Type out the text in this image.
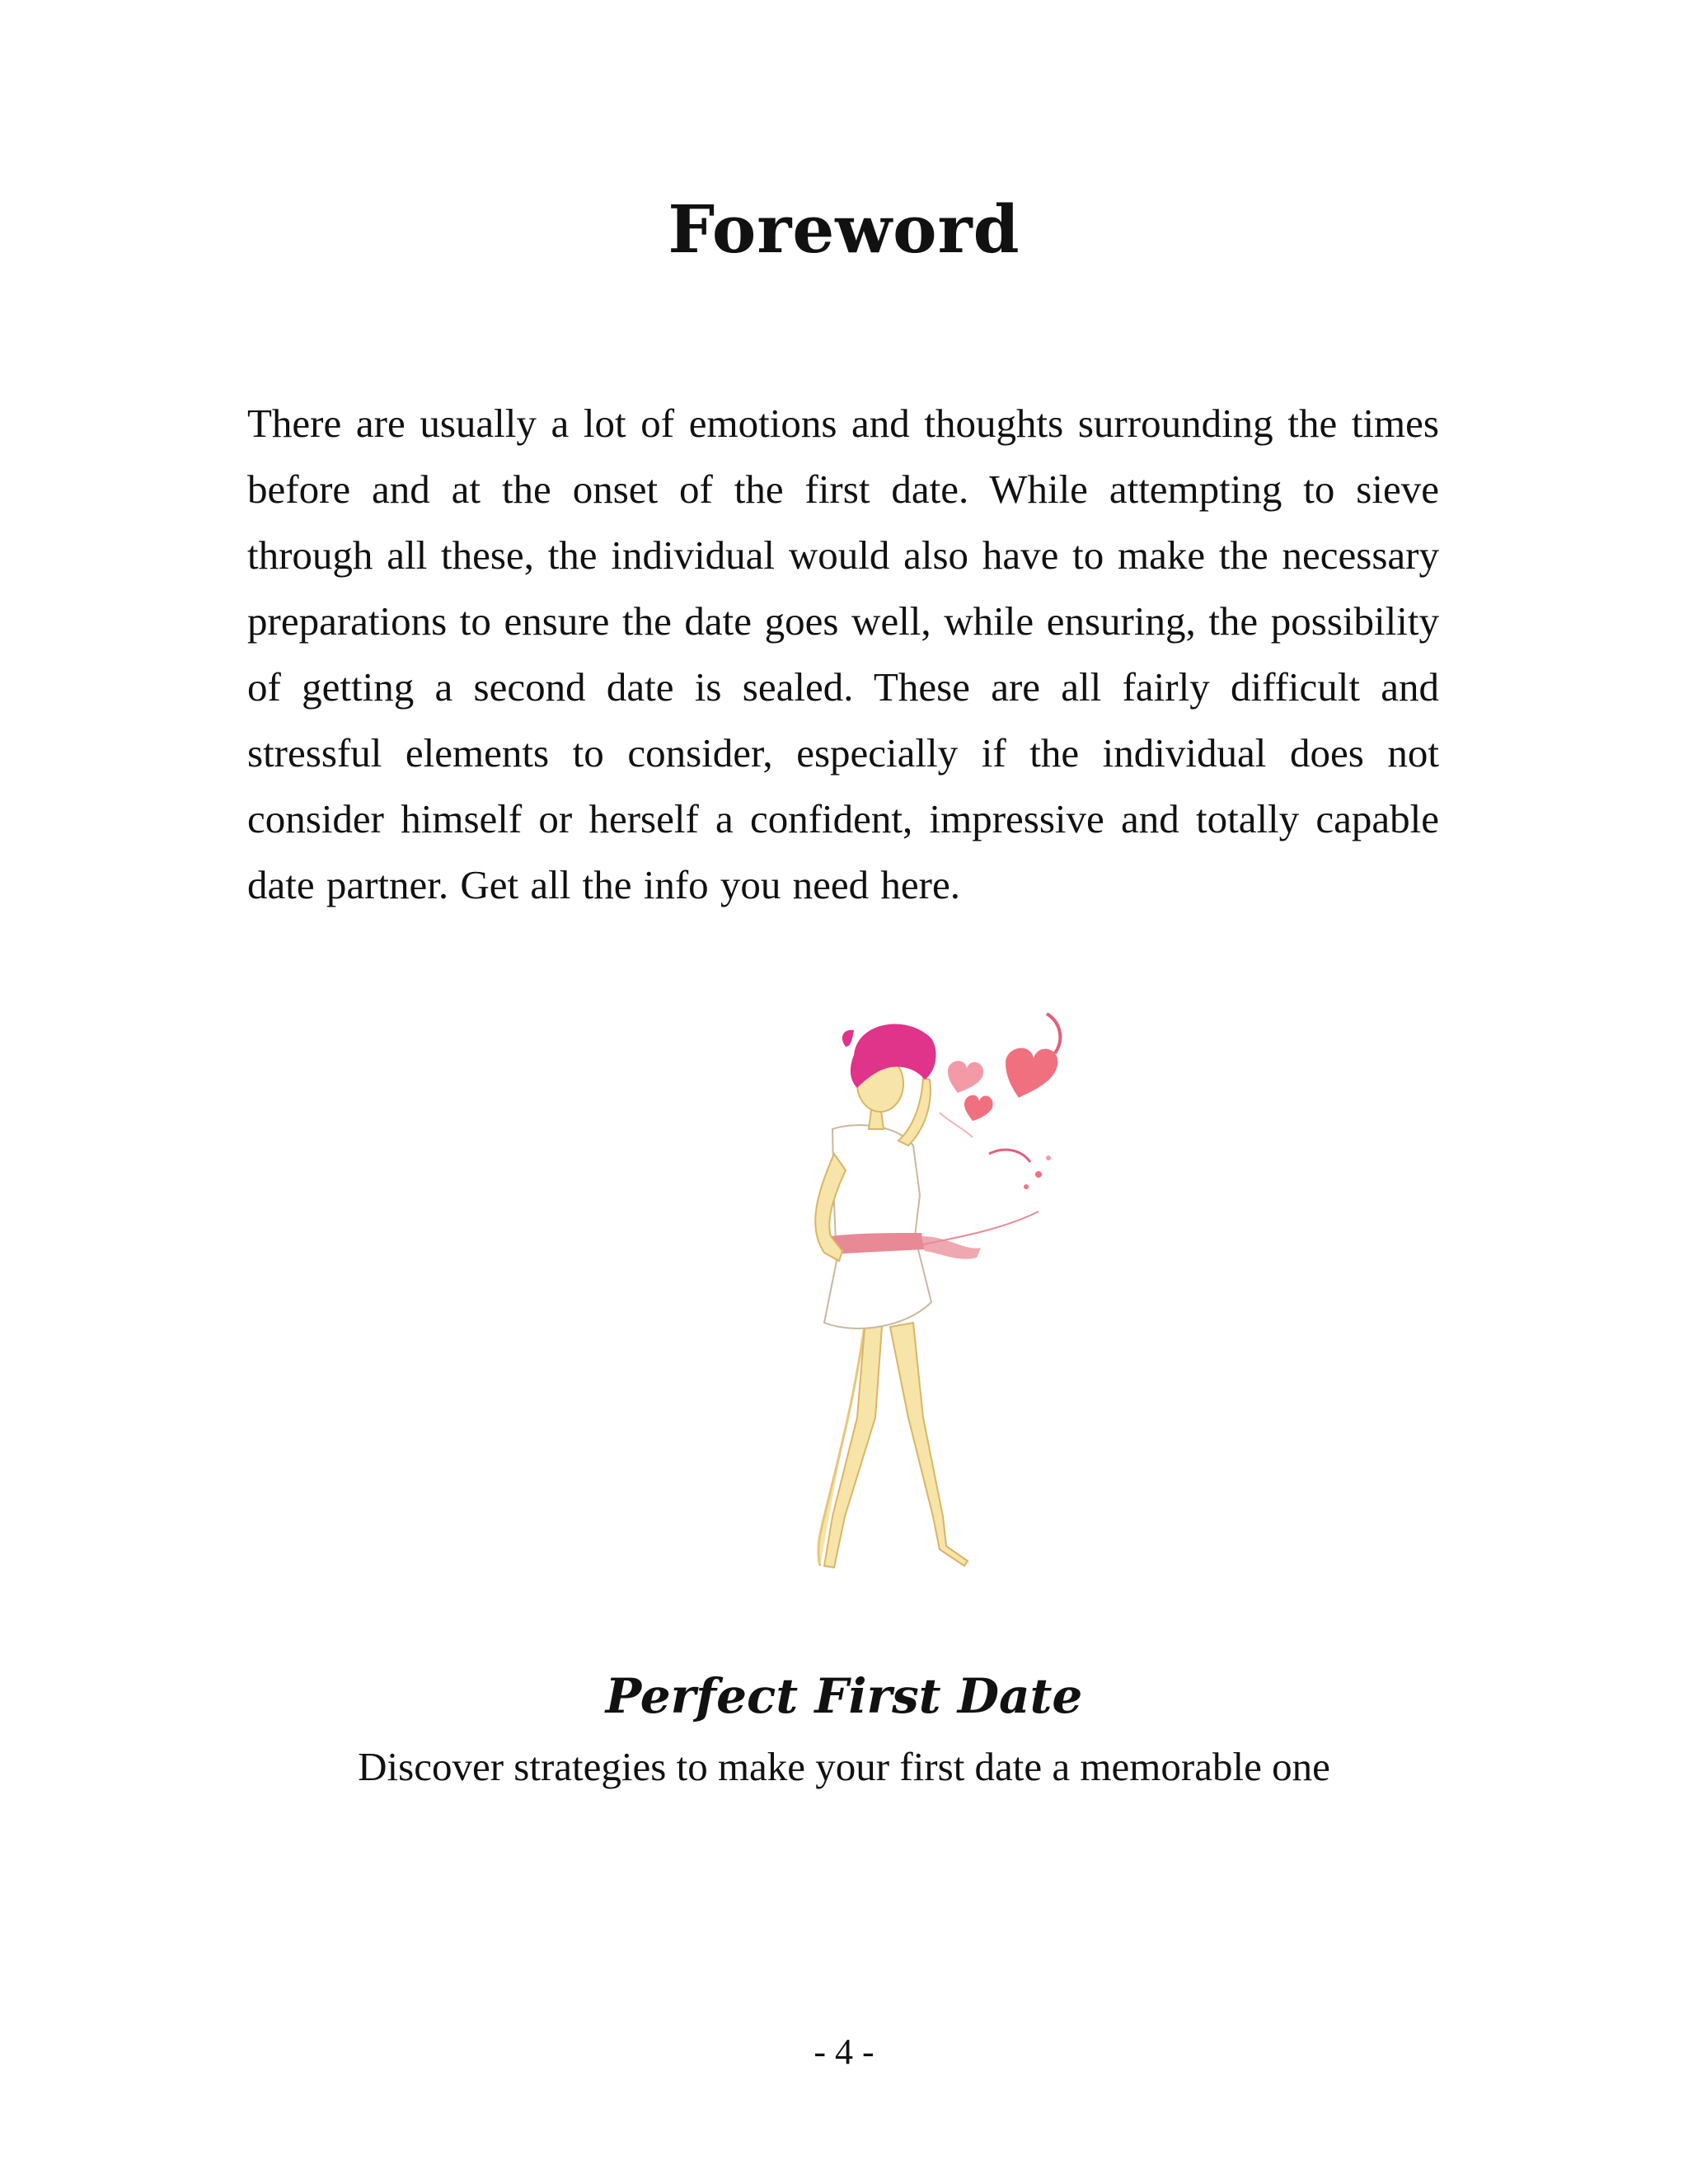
Foreword

There are usually a lot of emotions and thoughts surrounding the times before and at the onset of the first date. While attempting to sieve through all these, the individual would also have to make the necessary preparations to ensure the date goes well, while ensuring, the possibility of getting a second date is sealed. These are all fairly difficult and stressful elements to consider, especially if the individual does not consider himself or herself a confident, impressive and totally capable date partner. Get all the info you need here.

Perfect First Date

Discover strategies to make your first date a memorable one

- 4 -
